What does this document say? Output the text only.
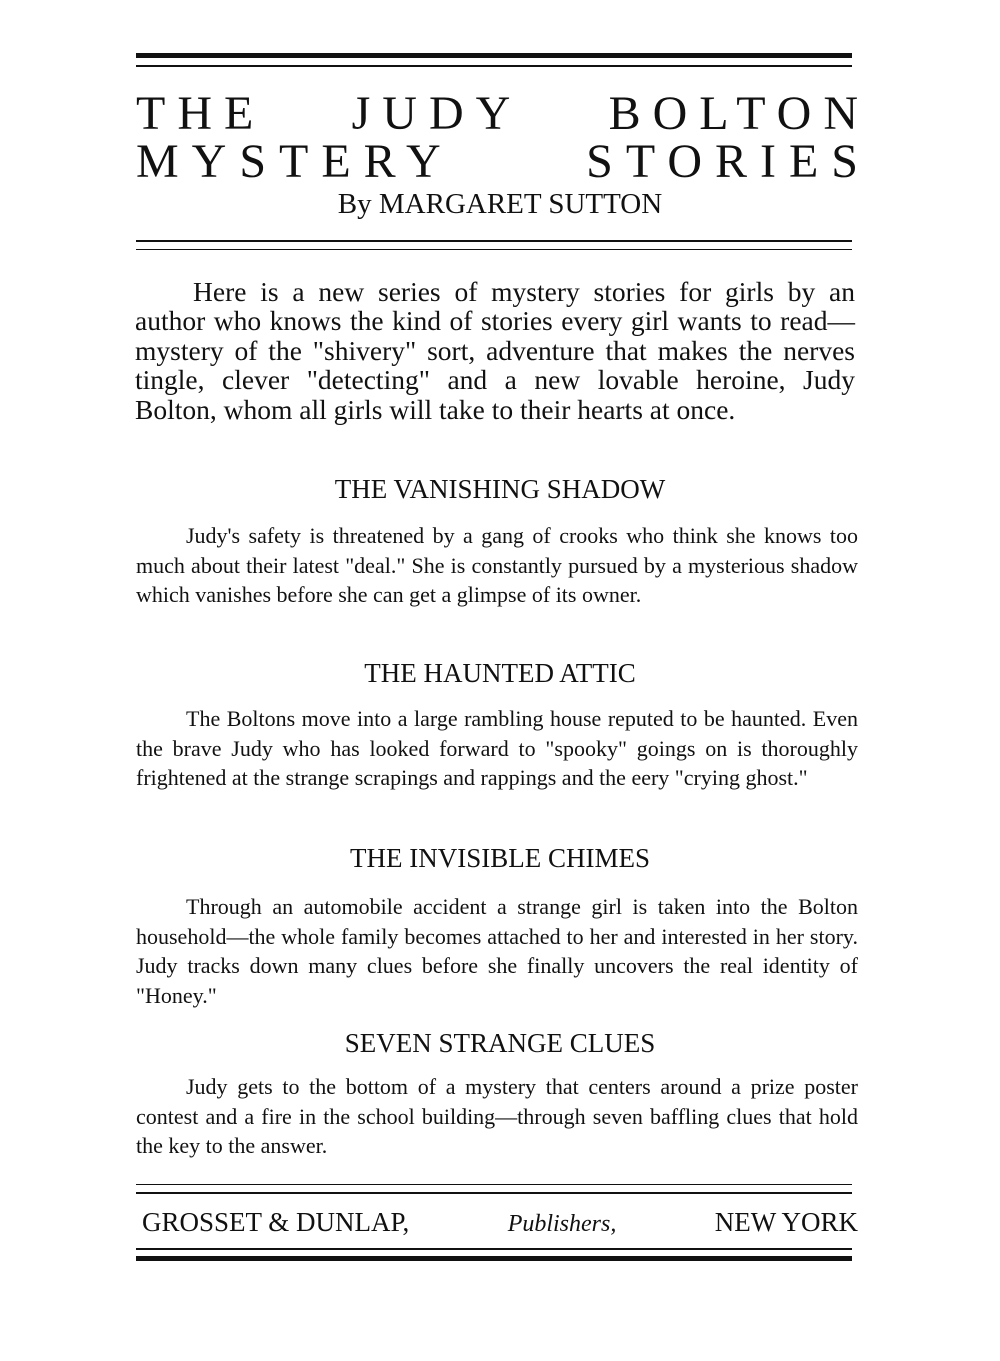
THE JUDY BOLTON
MYSTERY	STORIES
By MARGARET SUTTON

Here is a new series of mystery stories for girls by an author who knows the kind of stories every girl wants to read—mystery of the "shivery" sort, adventure that makes the nerves tingle, clever "detecting" and a new lovable heroine, Judy Bolton, whom all girls will take to their hearts at once.

THE VANISHING SHADOW

Judy's safety is threatened by a gang of crooks who think she knows too much about their latest "deal." She is constantly pursued by a mysterious shadow which vanishes before she can get a glimpse of its owner.

THE HAUNTED ATTIC

The Boltons move into a large rambling house reputed to be haunted. Even the brave Judy who has looked forward to "spooky" goings on is thoroughly frightened at the strange scrapings and rappings and the eery "crying ghost."

THE INVISIBLE CHIMES

Through an automobile accident a strange girl is taken into the Bolton household—the whole family becomes attached to her and interested in her story. Judy tracks down many clues before she finally uncovers the real identity of "Honey."

SEVEN STRANGE CLUES

Judy gets to the bottom of a mystery that centers around a prize poster contest and a fire in the school building—through seven baffling clues that hold the key to the answer.

GROSSET & DUNLAP,	Publishers,	NEW YORK
